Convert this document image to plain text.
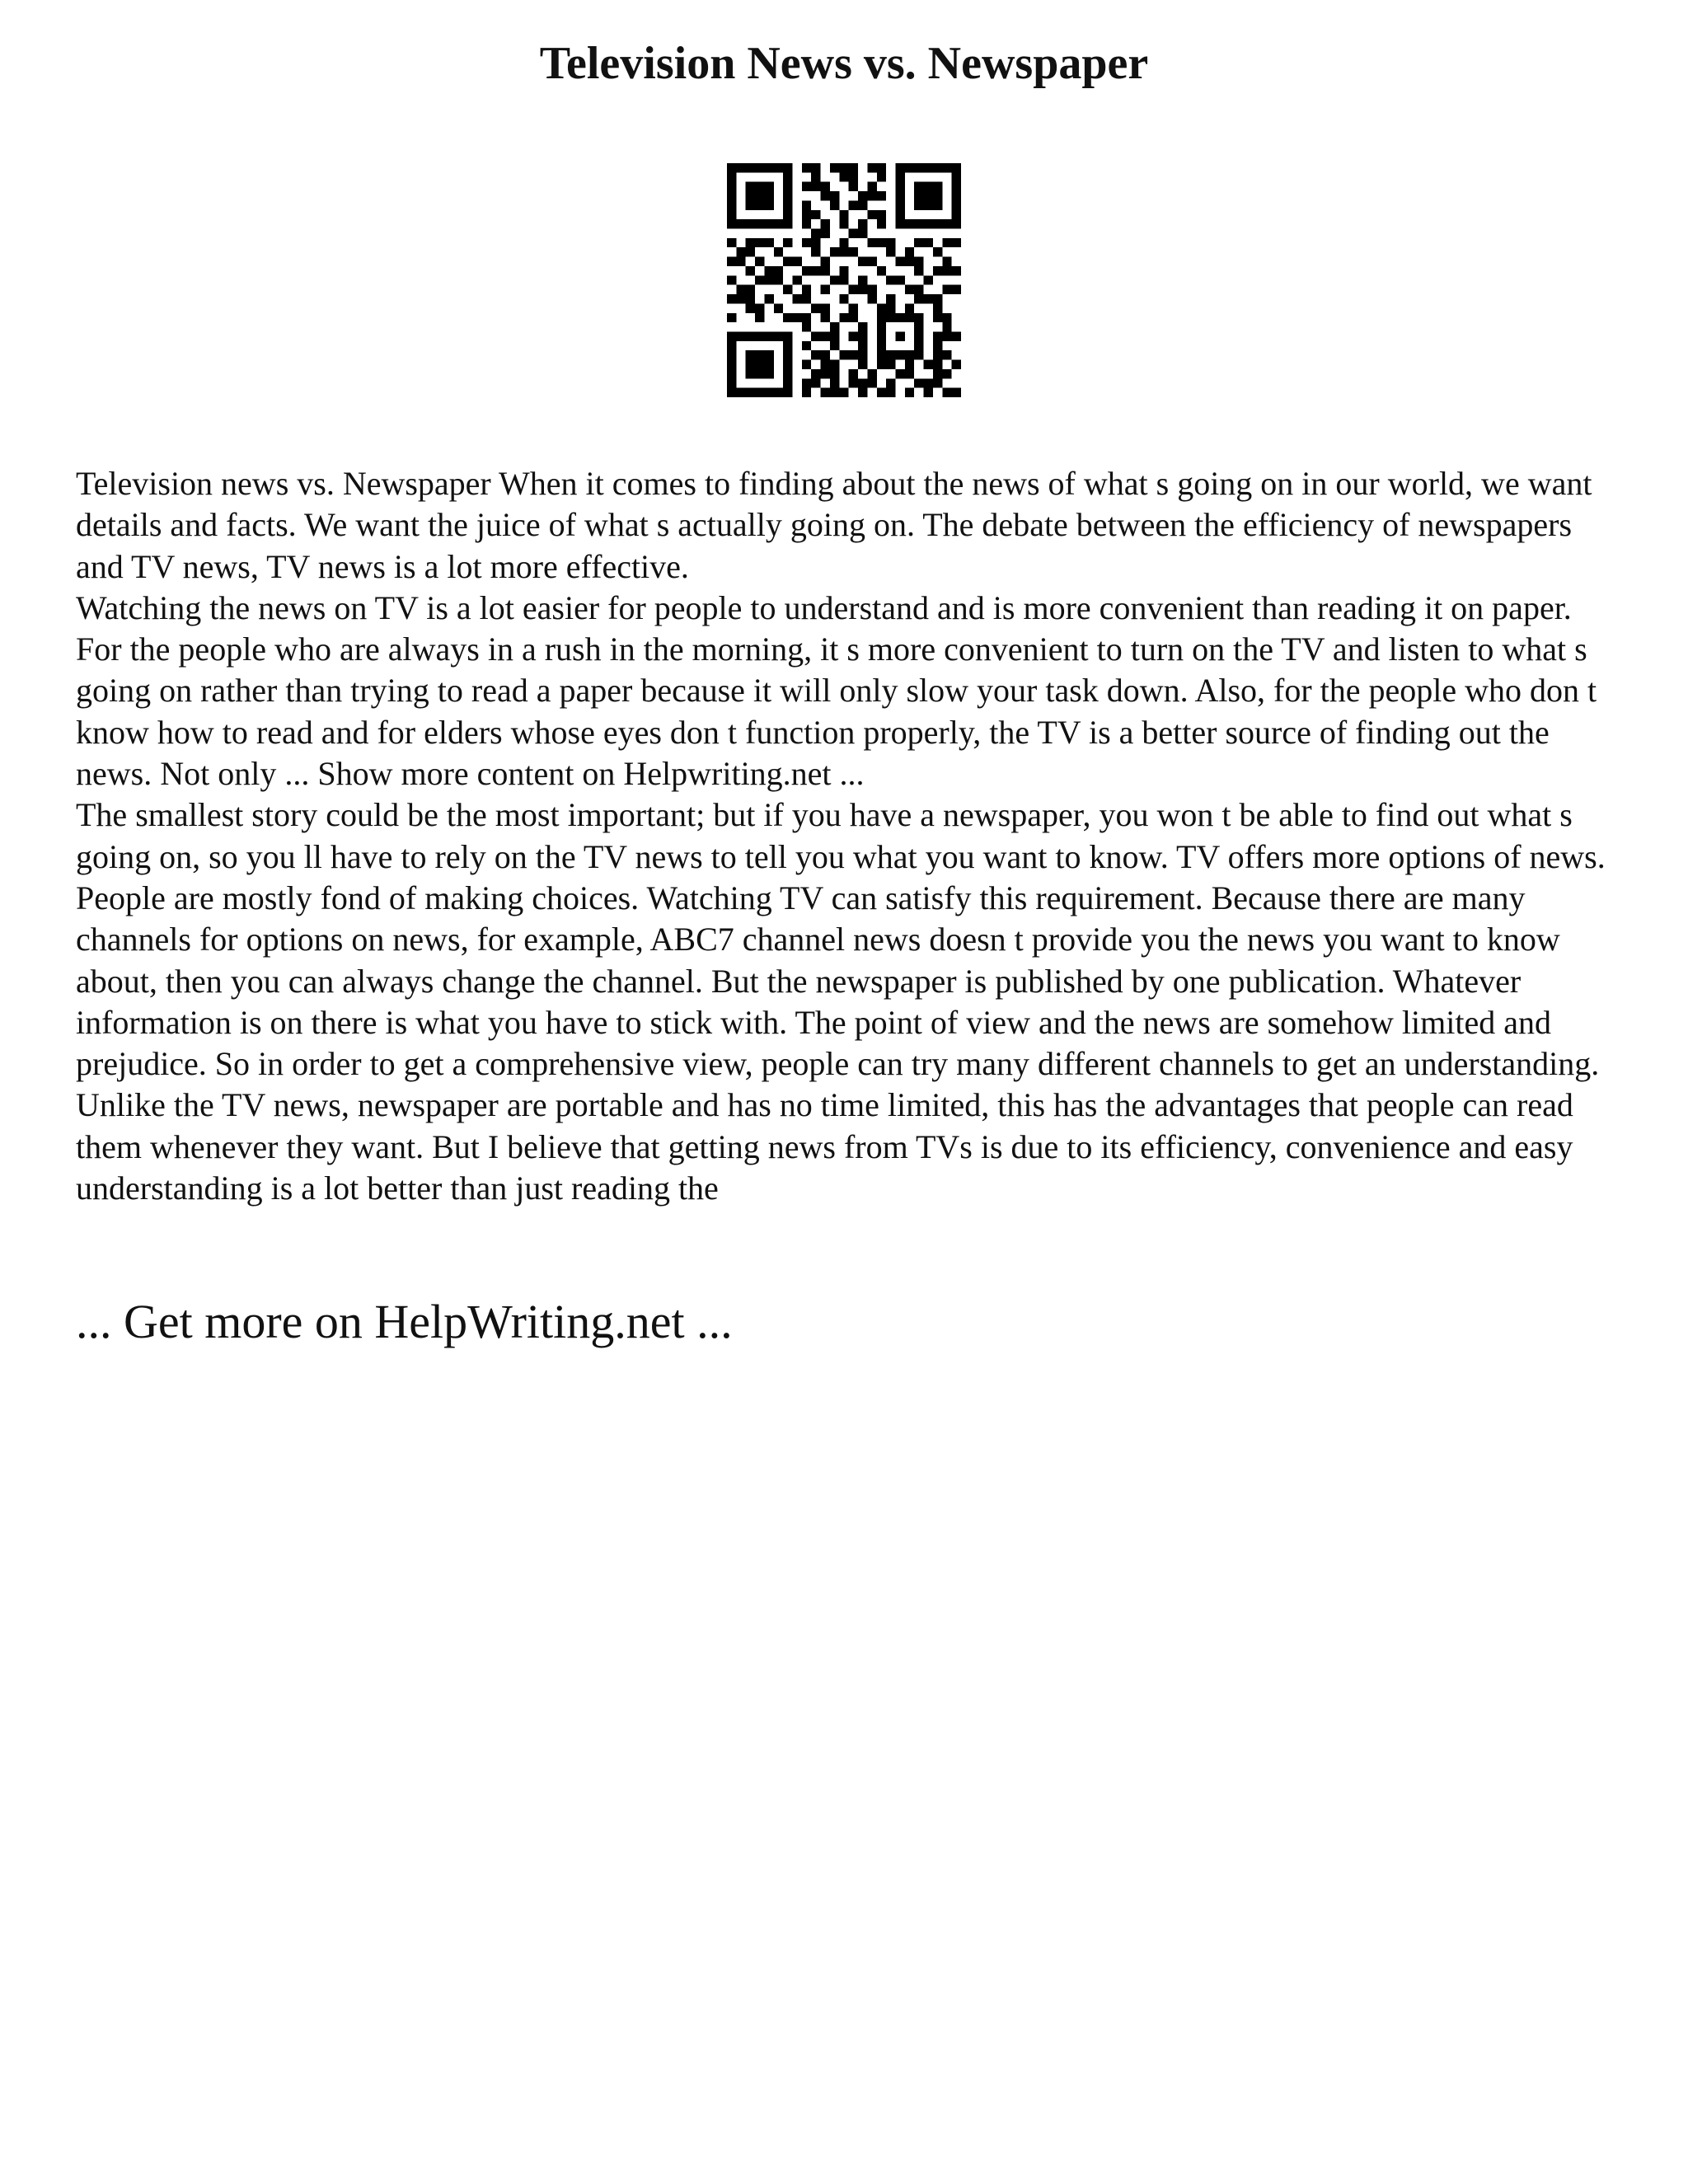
Television News vs. Newspaper

Television news vs. Newspaper When it comes to finding about the news of what s going on in our world, we want details and facts. We want the juice of what s actually going on. The debate between the efficiency of newspapers and TV news, TV news is a lot more effective.

Watching the news on TV is a lot easier for people to understand and is more convenient than reading it on paper. For the people who are always in a rush in the morning, it s more convenient to turn on the TV and listen to what s going on rather than trying to read a paper because it will only slow your task down. Also, for the people who don t know how to read and for elders whose eyes don t function properly, the TV is a better source of finding out the news. Not only ... Show more content on Helpwriting.net ...

The smallest story could be the most important; but if you have a newspaper, you won t be able to find out what s going on, so you ll have to rely on the TV news to tell you what you want to know. TV offers more options of news. People are mostly fond of making choices. Watching TV can satisfy this requirement. Because there are many channels for options on news, for example, ABC7 channel news doesn t provide you the news you want to know about, then you can always change the channel. But the newspaper is published by one publication. Whatever information is on there is what you have to stick with. The point of view and the news are somehow limited and prejudice. So in order to get a comprehensive view, people can try many different channels to get an understanding.

Unlike the TV news, newspaper are portable and has no time limited, this has the advantages that people can read them whenever they want. But I believe that getting news from TVs is due to its efficiency, convenience and easy understanding is a lot better than just reading the

... Get more on HelpWriting.net ...
